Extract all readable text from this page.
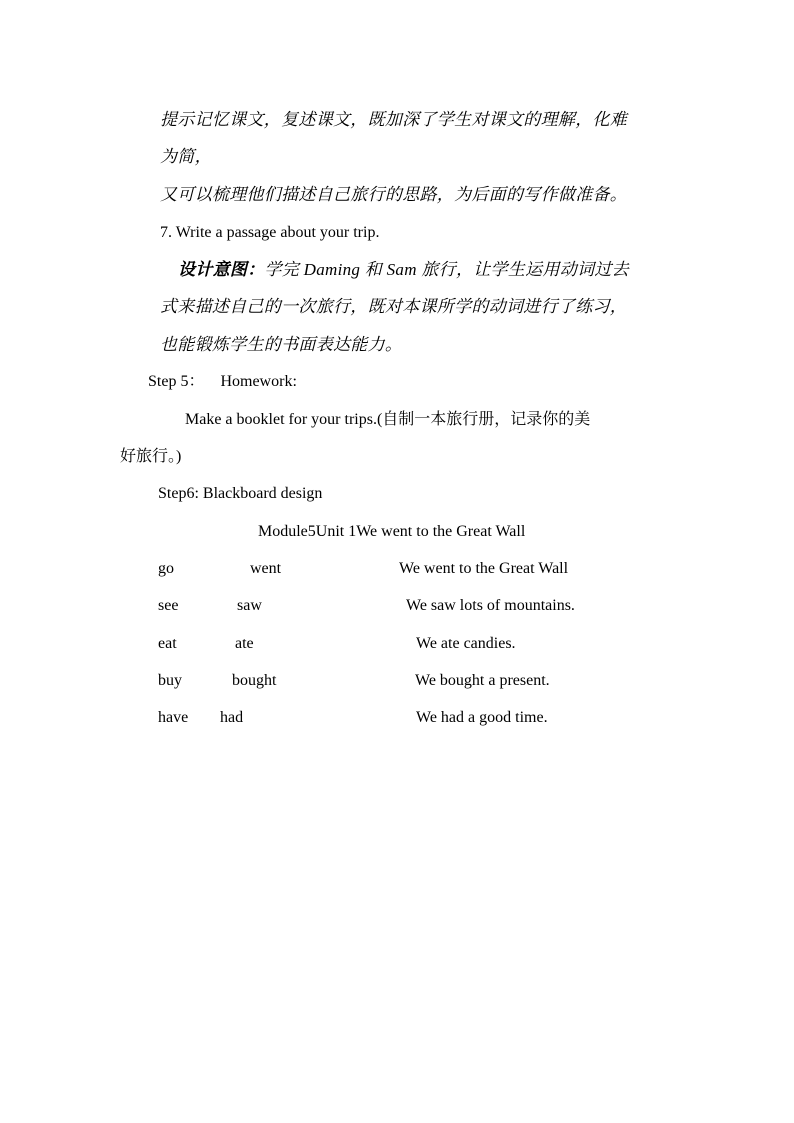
提示记忆课文，复述课文，既加深了学生对课文的理解，化难
为简，
又可以梳理他们描述自己旅行的思路，为后面的写作做准备。
7. Write a passage about your trip.
设计意图：学完 Daming 和 Sam 旅行，让学生运用动词过去
式来描述自己的一次旅行，既对本课所学的动词进行了练习，
也能锻炼学生的书面表达能力。
Step 5： Homework:
Make a booklet for your trips.(自制一本旅行册，记录你的美
好旅行。)
Step6: Blackboard design
Module5Unit 1We went to the Great Wall
go	went	We went to the Great Wall
see	saw	We saw lots of mountains.
eat	ate	We ate candies.
buy	bought	We bought a present.
have had	We had a good time.
